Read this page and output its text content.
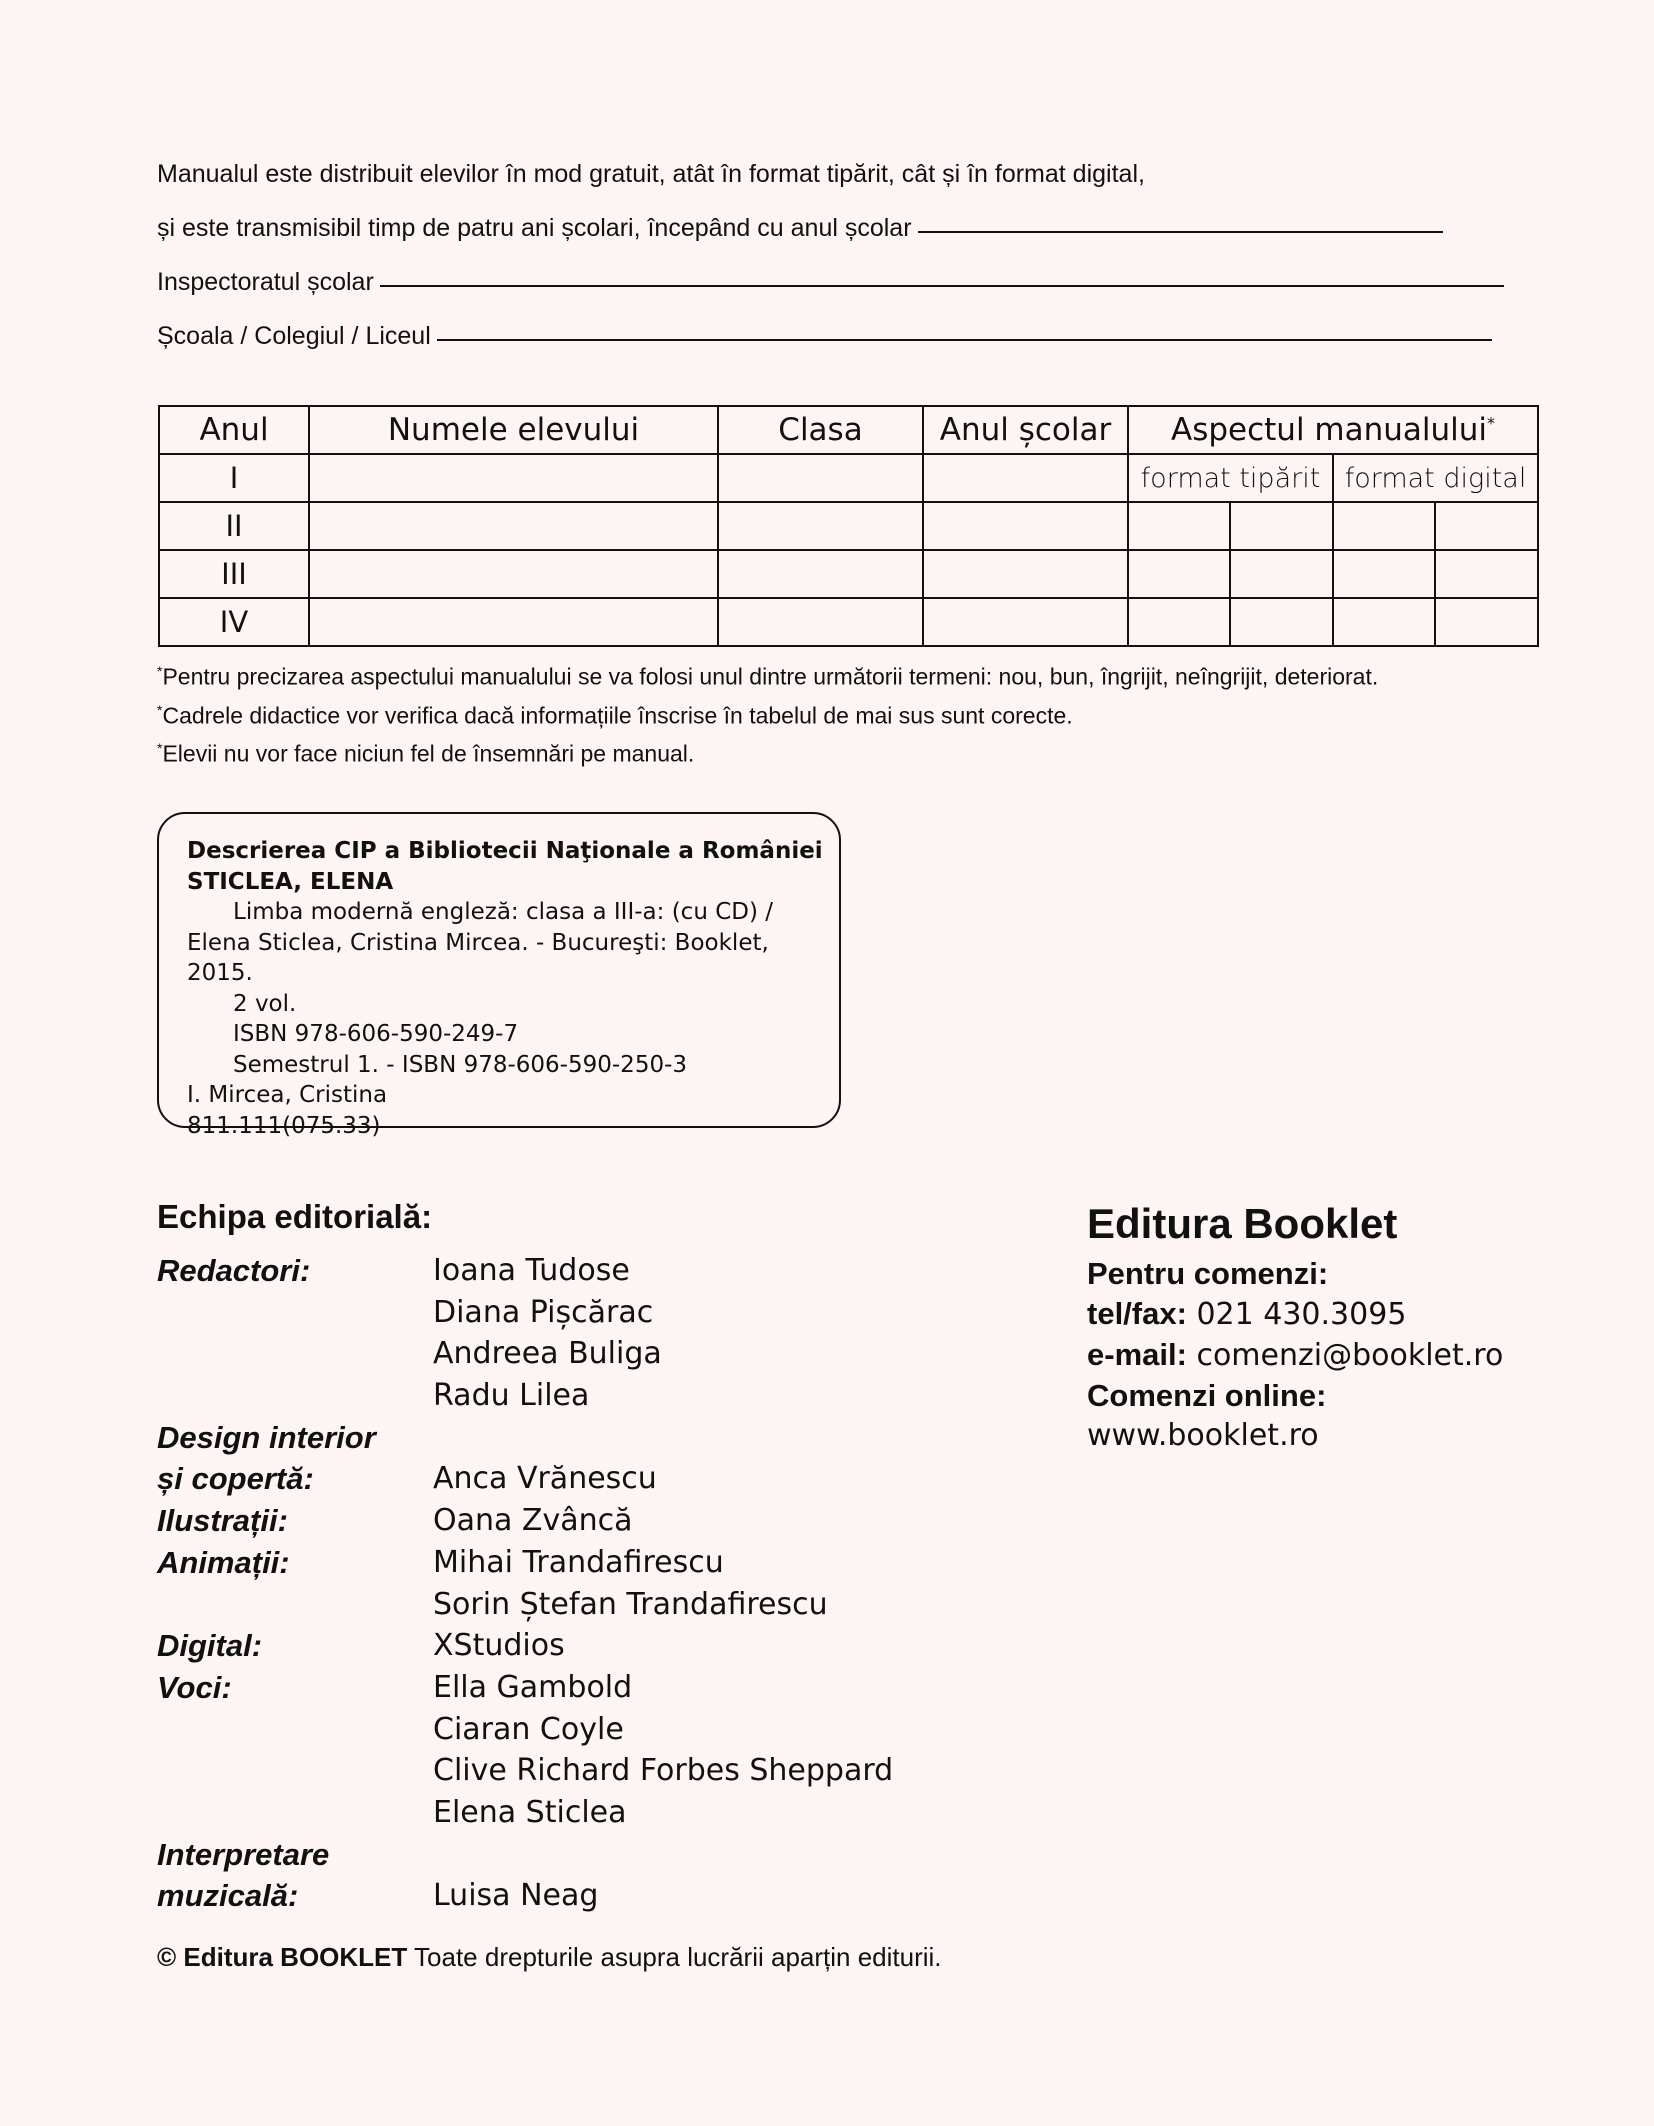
Manualul este distribuit elevilor în mod gratuit, atât în format tipărit, cât și în format digital,
și este transmisibil timp de patru ani școlari, începând cu anul școlar
Inspectoratul școlar
Școala / Colegiul / Liceul
Anul	Numele elevului	Clasa	Anul școlar	Aspectul manualului*
I				format tipărit		format digital	
II							
III							
IV							
*Pentru precizarea aspectului manualului se va folosi unul dintre următorii termeni: nou, bun, îngrijit, neîngrijit, deteriorat.
*Cadrele didactice vor verifica dacă informațiile înscrise în tabelul de mai sus sunt corecte.
*Elevii nu vor face niciun fel de însemnări pe manual.
Descrierea CIP a Bibliotecii Naţionale a României
STICLEA, ELENA
Limba modernă engleză: clasa a III-a: (cu CD) /
Elena Sticlea, Cristina Mircea. - Bucureşti: Booklet, 2015.
2 vol.
ISBN 978-606-590-249-7
Semestrul 1. - ISBN 978-606-590-250-3
I. Mircea, Cristina
811.111(075.33)
Echipa editorială:
Redactori:	Ioana Tudose
Diana Pișcărac
Andreea Buliga
Radu Lilea
Design interior
și copertă:	Anca Vrănescu
Ilustrații:	Oana Zvâncă
Animații:	Mihai Trandafirescu
Sorin Ștefan Trandafirescu
Digital:	XStudios
Voci:	Ella Gambold
Ciaran Coyle
Clive Richard Forbes Sheppard
Elena Sticlea
Interpretare
muzicală:	Luisa Neag
© Editura BOOKLET Toate drepturile asupra lucrării aparțin editurii.
Editura Booklet
Pentru comenzi:
tel/fax: 021 430.3095
e-mail: comenzi@booklet.ro
Comenzi online:
www.booklet.ro
